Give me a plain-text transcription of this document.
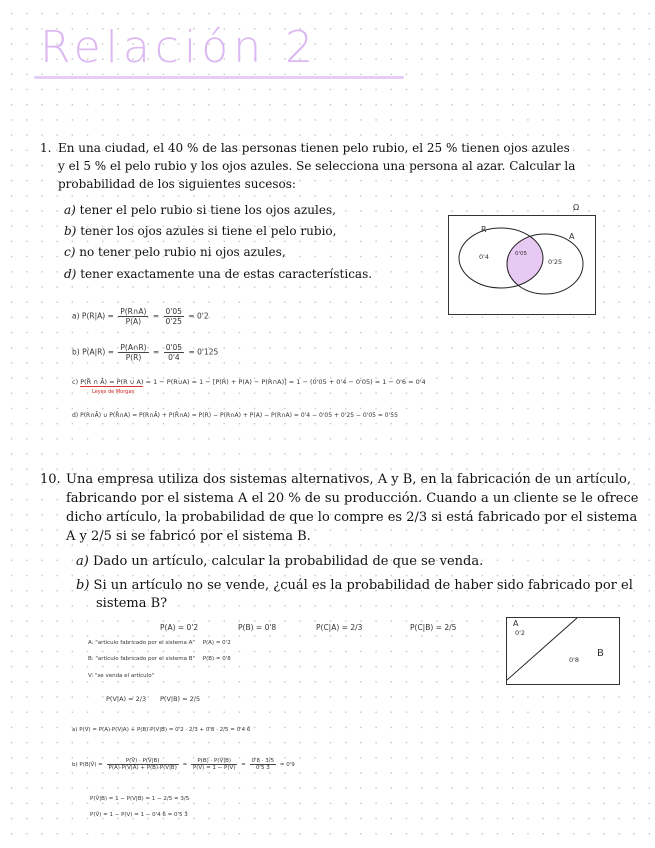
Relación 2
1. En una ciudad, el 40 % de las personas tienen pelo rubio, el 25 % tienen ojos azules
y el 5 % el pelo rubio y los ojos azules. Se selecciona una persona al azar. Calcular la
probabilidad de los siguientes sucesos:
a) tener el pelo rubio si tiene los ojos azules,
b) tener los ojos azules si tiene el pelo rubio,
c) no tener pelo rubio ni ojos azules,
d) tener exactamente una de estas características.
Ω
R
A
0'4	0'05
0'25
a) $P(R|A) = \frac{P(R\cap A)}{P(A)} = \frac{0'05}{0'25} = 0'2$
b) $P(A|R) = \frac{P(A\cap R)}{P(R)} = \frac{0'05}{0'4} = 0'125$
c) P(R̄ ∩ Ā) = P(R ∪ A) = 1 − P(R∪A) = 1 − [P(R) + P(A) − P(R∩A)] = 1 − (0'05 + 0'4 − 0'05) = 1 − 0'6 = 0'4
Leyes de Morgan
d) P(R∩Ā) ∪ P(R̄∩A) = P(R∩Ā) + P(R̄∩A) = P(R) − P(R∩A) + P(A) − P(R∩A) = 0'4 − 0'05 + 0'25 − 0'05 = 0'55
10. Una empresa utiliza dos sistemas alternativos, A y B, en la fabricación de un artículo,
fabricando por el sistema A el 20 % de su producción. Cuando a un cliente se le ofrece
dicho artículo, la probabilidad de que lo compre es 2/3 si está fabricado por el sistema
A y 2/5 si se fabricó por el sistema B.
a) Dado un artículo, calcular la probabilidad de que se venda.
b) Si un artículo no se vende, ¿cuál es la probabilidad de haber sido fabricado por el
sistema B?
P(A) = 0'2	P(B) = 0'8	P(C|A) = 2/3	P(C|B) = 2/5
A: "artículo fabricado por el sistema A" P(A) = 0'2
B: "artículo fabricado por el sistema B" P(B) = 0'8
V: "se venda el artículo"
P(V|A) = 2/3 P(V|B) = 2/5
A
0'2
B
0'8
a) P(V) = P(A)·P(V|A) + P(B)·P(V|B) = 0'2 · 2/3 + 0'8 · 2/5 = 0'4 6̄
b) P(B|V̄) = $\frac{P(V̄) \cdot P(V̄|B)}{P(A)\cdot P(V̄|A) + P(B)\cdot P(V̄|B)} = \frac{P(B) \cdot P(V̄|B)}{P(V̄) = 1 - P(V)} = \frac{0'8 \cdot 3/5}{0'5 3̄} = 0'9$
P(V̄|B) = 1 − P(V|B) = 1 − 2/5 = 3/5
P(V̄) = 1 − P(V) = 1 − 0'4 6̄ = 0'5 3̄
